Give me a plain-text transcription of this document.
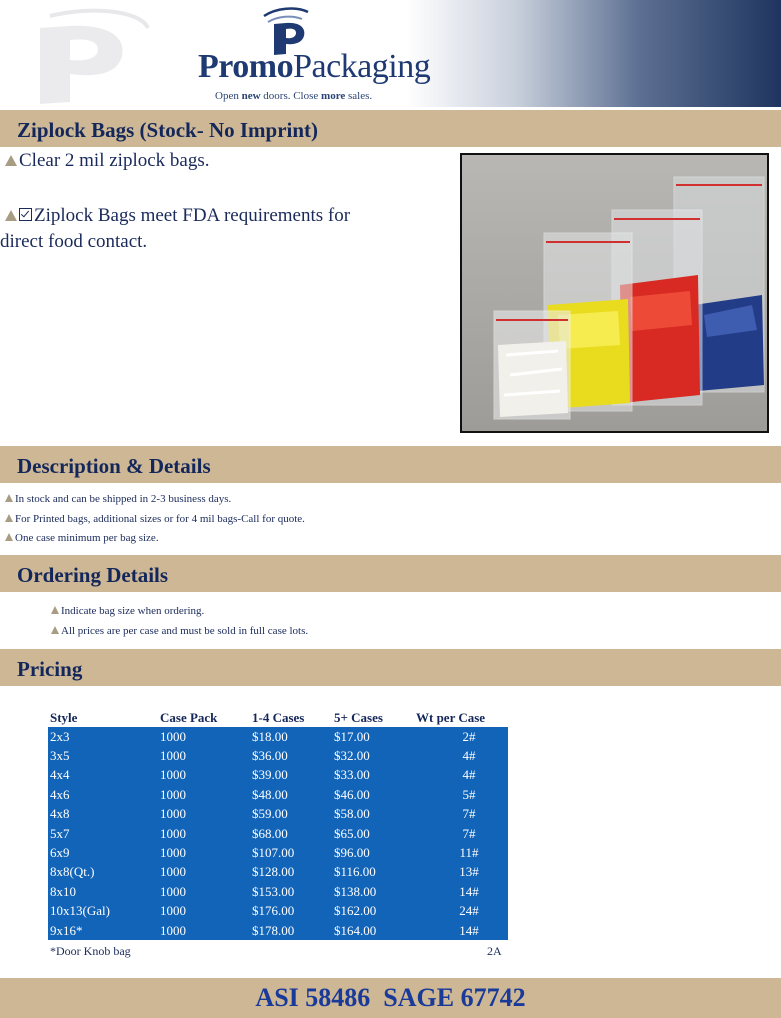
PromoPackaging
Open new doors. Close more sales.
Ziplock Bags (Stock- No Imprint)
Clear 2 mil ziplock bags.
Ziplock Bags meet FDA requirements for
direct food contact.
Description & Details
In stock and can be shipped in 2-3 business days.
For Printed bags, additional sizes or for 4 mil bags-Call for quote.
One case minimum per bag size.
Ordering Details
Indicate bag size when ordering.
All prices are per case and must be sold in full case lots.
Pricing
Style	Case Pack	1-4 Cases	5+ Cases	Wt per Case
2x3	1000	$18.00	$17.00	2#
3x5	1000	$36.00	$32.00	4#
4x4	1000	$39.00	$33.00	4#
4x6	1000	$48.00	$46.00	5#
4x8	1000	$59.00	$58.00	7#
5x7	1000	$68.00	$65.00	7#
6x9	1000	$107.00	$96.00	11#
8x8(Qt.)	1000	$128.00	$116.00	13#
8x10	1000	$153.00	$138.00	14#
10x13(Gal)	1000	$176.00	$162.00	24#
9x16*	1000	$178.00	$164.00	14#
*Door Knob bag	2A
ASI 58486  SAGE 67742
